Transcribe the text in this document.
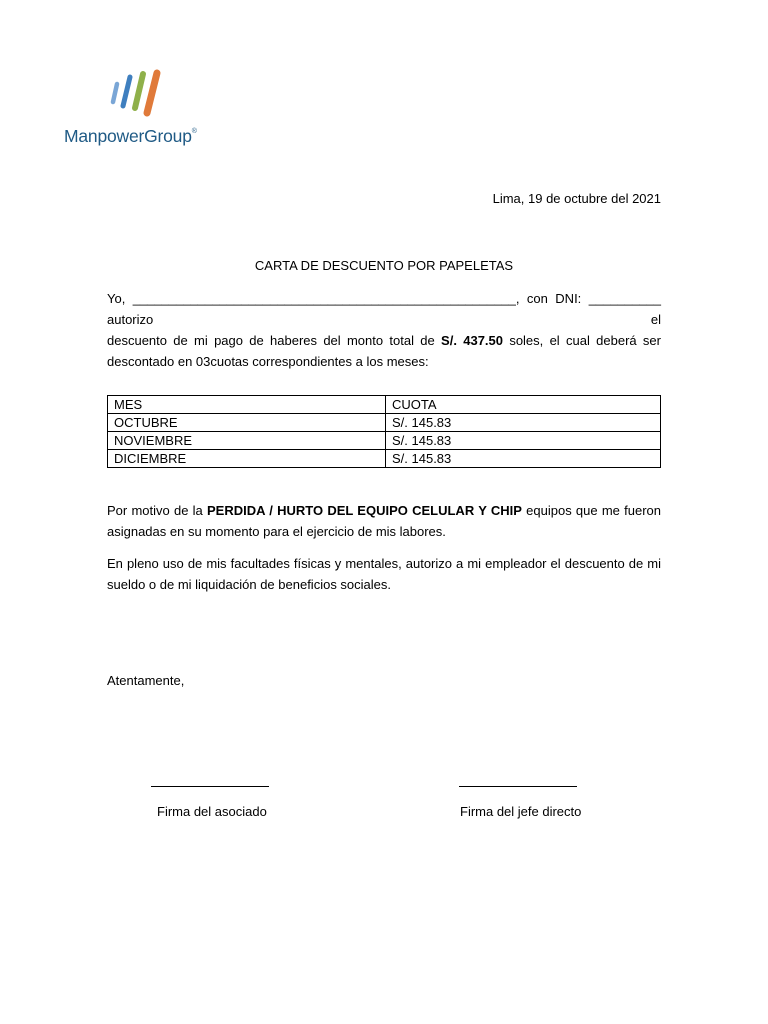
ManpowerGroup®
Lima, 19 de octubre del 2021
CARTA DE DESCUENTO POR PAPELETAS
Yo, _____________________________________________________, con DNI: __________ autorizo el
descuento de mi pago de haberes del monto total de S/. 437.50 soles, el cual deberá ser
descontado en 03cuotas correspondientes a los meses:
MES	CUOTA
OCTUBRE	S/. 145.83
NOVIEMBRE	S/. 145.83
DICIEMBRE	S/. 145.83
Por motivo de la PERDIDA / HURTO DEL EQUIPO CELULAR Y CHIP equipos que me fueron asignadas en su momento para el ejercicio de mis labores.
En pleno uso de mis facultades físicas y mentales, autorizo a mi empleador el descuento de mi sueldo o de mi liquidación de beneficios sociales.
Atentamente,
Firma del asociado	Firma del jefe directo
